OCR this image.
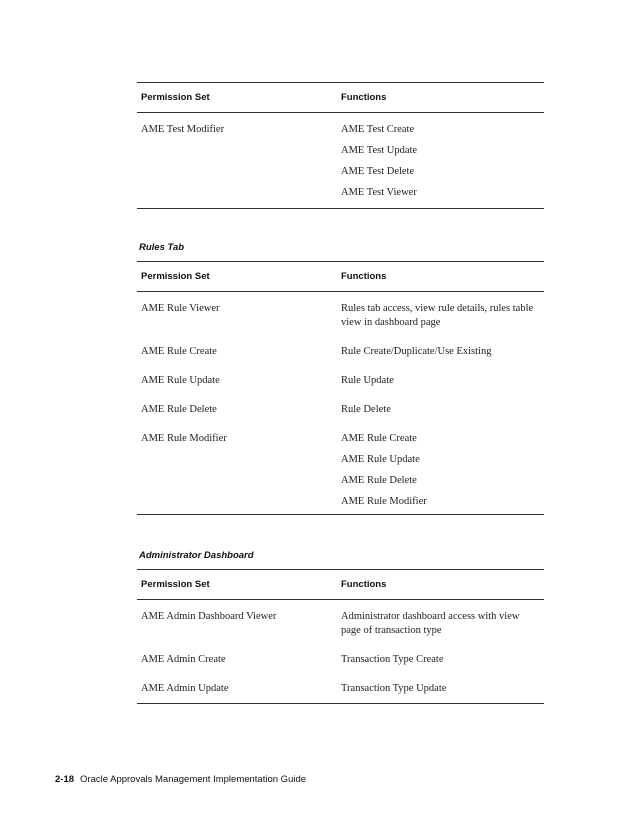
Permission Set	Functions
AME Test Modifier	AME Test Create
AME Test Update
AME Test Delete
AME Test Viewer
Rules Tab
Permission Set	Functions
AME Rule Viewer	Rules tab access, view rule details, rules table view in dashboard page
AME Rule Create	Rule Create/Duplicate/Use Existing
AME Rule Update	Rule Update
AME Rule Delete	Rule Delete
AME Rule Modifier	AME Rule Create
AME Rule Update
AME Rule Delete
AME Rule Modifier
Administrator Dashboard
Permission Set	Functions
AME Admin Dashboard Viewer	Administrator dashboard access with view page of transaction type
AME Admin Create	Transaction Type Create
AME Admin Update	Transaction Type Update
2-18 Oracle Approvals Management Implementation Guide
